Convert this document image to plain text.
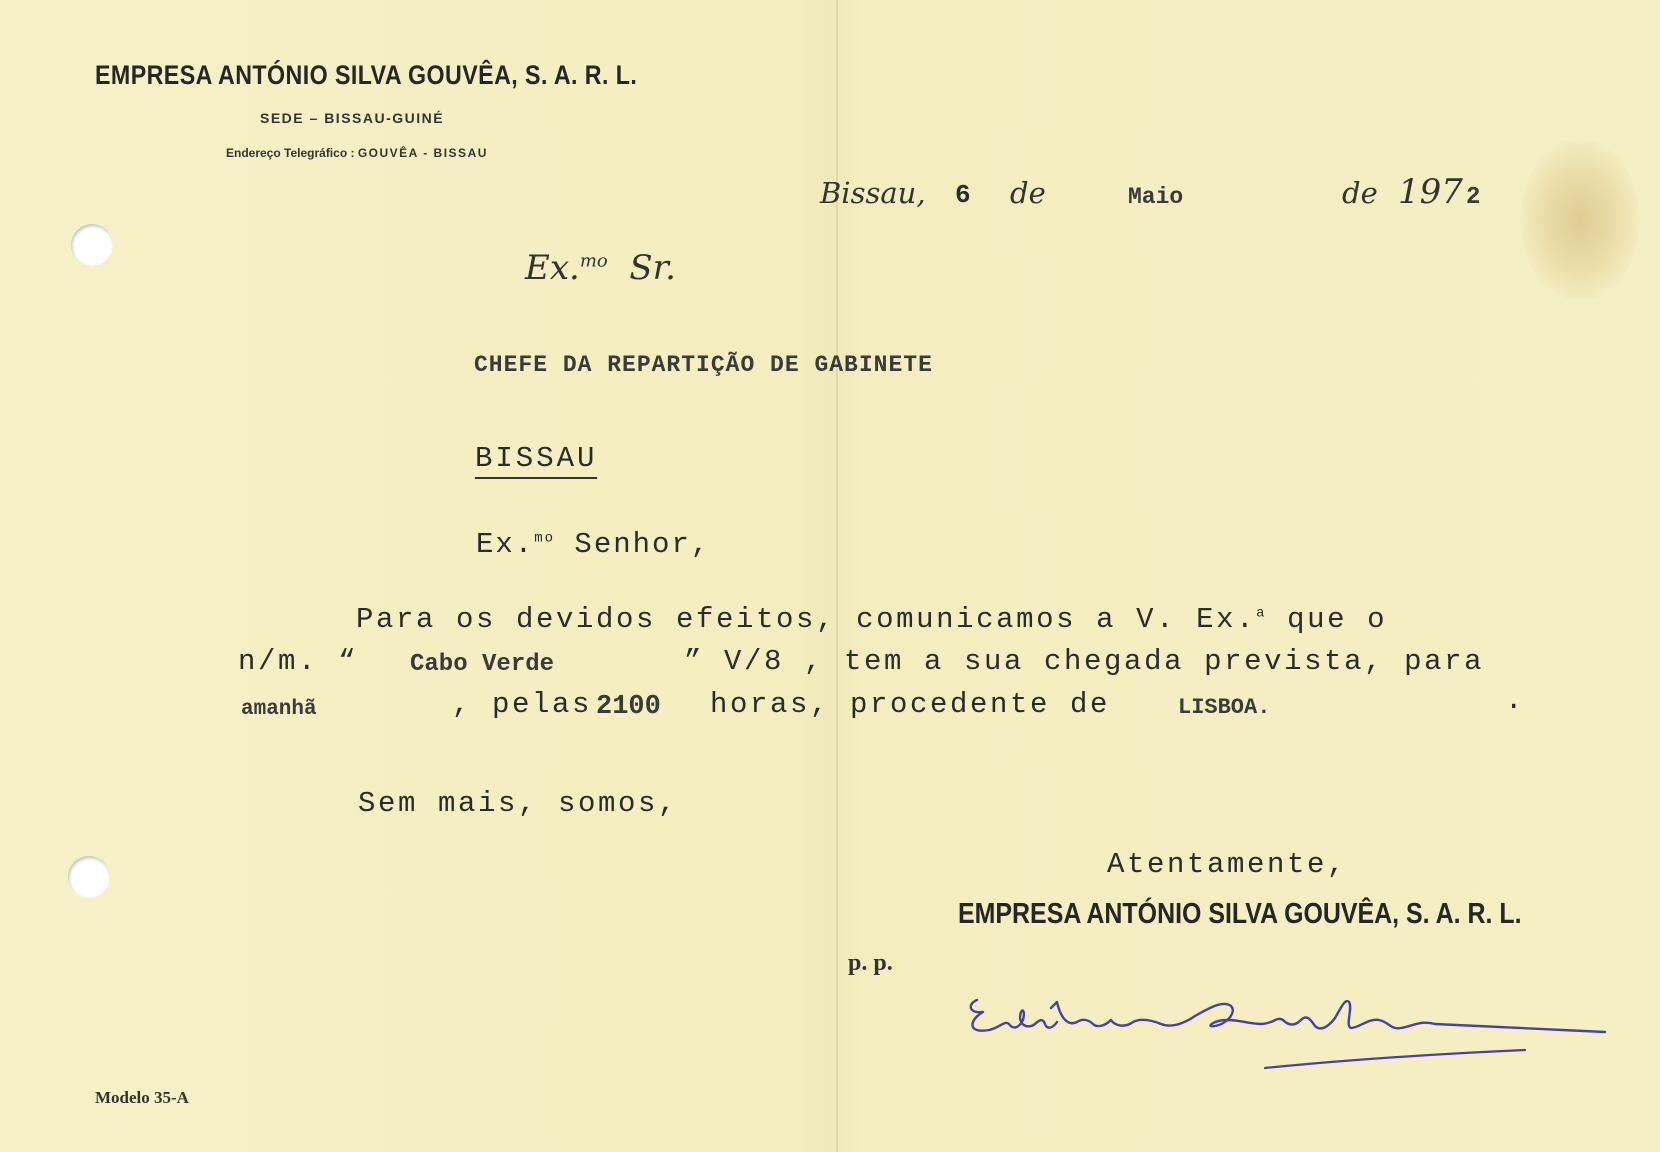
EMPRESA ANTÓNIO SILVA GOUVÊA, S. A. R. L.
SEDE – BISSAU-GUINÉ
Endereço Telegráfico : GOUVÊA - BISSAU
Bissau, 6 de	Maio	de 197 2
Ex.$^{mo}$ Sr.
CHEFE DA REPARTIÇÃO DE GABINETE
BISSAU
Ex.$^{mo}$ Senhor,
Para os devidos efeitos, comunicamos a V. Ex.$^a$ que o
n/m. “ Cabo Verde	” V/8 , tem a sua chegada prevista, para
amanhã	, pelas 2100 horas, procedente de	LISBOA.	.
Sem mais, somos,
Atentamente,
EMPRESA ANTÓNIO SILVA GOUVÊA, S. A. R. L.
p. p.
Modelo 35-A
